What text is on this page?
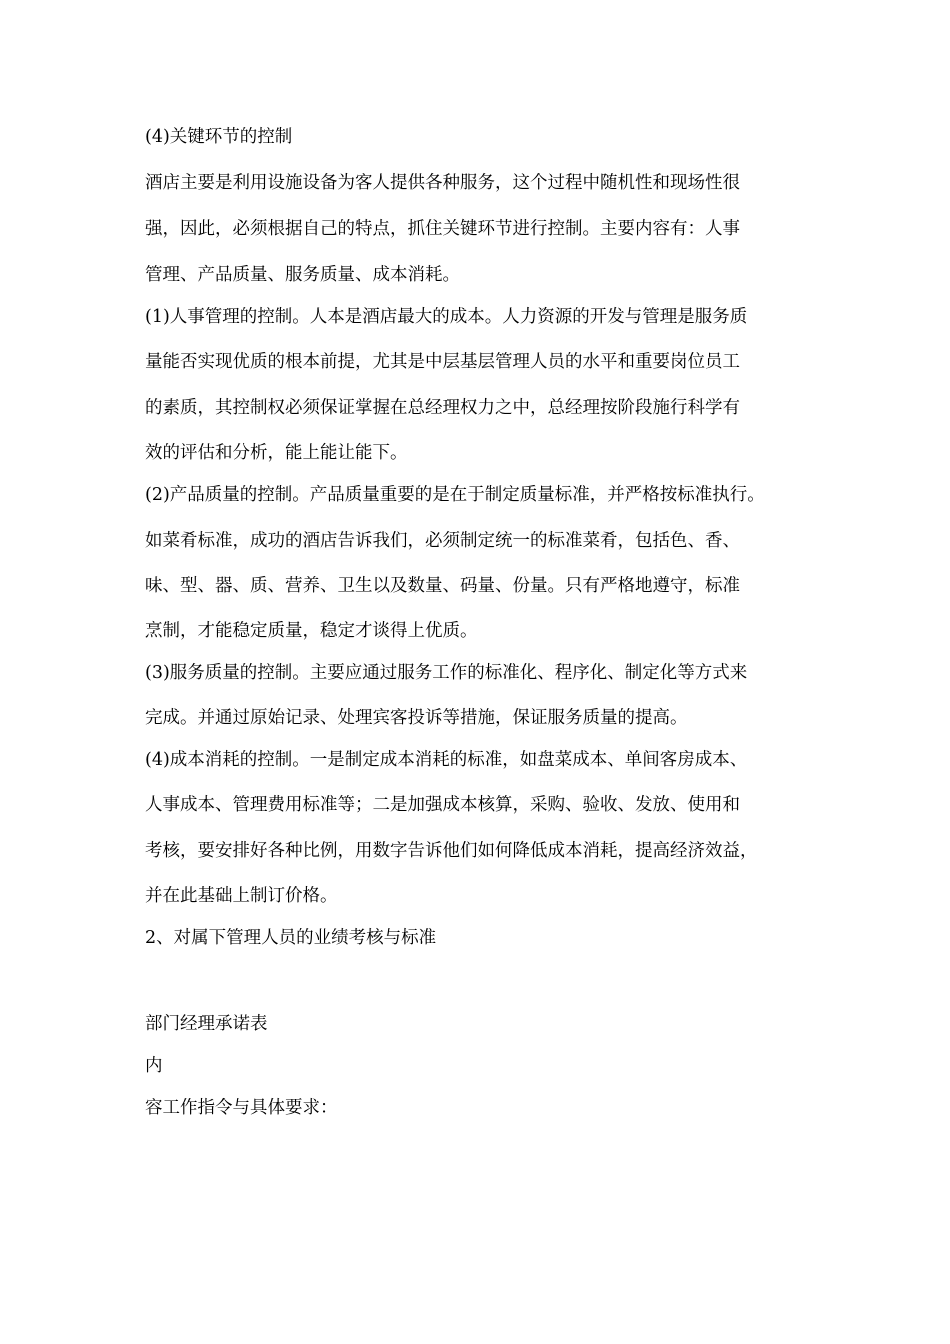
(4)关键环节的控制
酒店主要是利用设施设备为客人提供各种服务，这个过程中随机性和现场性很
强，因此，必须根据自己的特点，抓住关键环节进行控制。主要内容有：人事
管理、产品质量、服务质量、成本消耗。
(1)人事管理的控制。人本是酒店最大的成本。人力资源的开发与管理是服务质
量能否实现优质的根本前提，尤其是中层基层管理人员的水平和重要岗位员工
的素质，其控制权必须保证掌握在总经理权力之中，总经理按阶段施行科学有
效的评估和分析，能上能让能下。
(2)产品质量的控制。产品质量重要的是在于制定质量标准，并严格按标准执行。
如菜肴标准，成功的酒店告诉我们，必须制定统一的标准菜肴，包括色、香、
味、型、器、质、营养、卫生以及数量、码量、份量。只有严格地遵守，标准
烹制，才能稳定质量，稳定才谈得上优质。
(3)服务质量的控制。主要应通过服务工作的标准化、程序化、制定化等方式来
完成。并通过原始记录、处理宾客投诉等措施，保证服务质量的提高。
(4)成本消耗的控制。一是制定成本消耗的标准，如盘菜成本、单间客房成本、
人事成本、管理费用标准等；二是加强成本核算，采购、验收、发放、使用和
考核，要安排好各种比例，用数字告诉他们如何降低成本消耗，提高经济效益，
并在此基础上制订价格。
2、对属下管理人员的业绩考核与标准
部门经理承诺表
内
容工作指令与具体要求：
